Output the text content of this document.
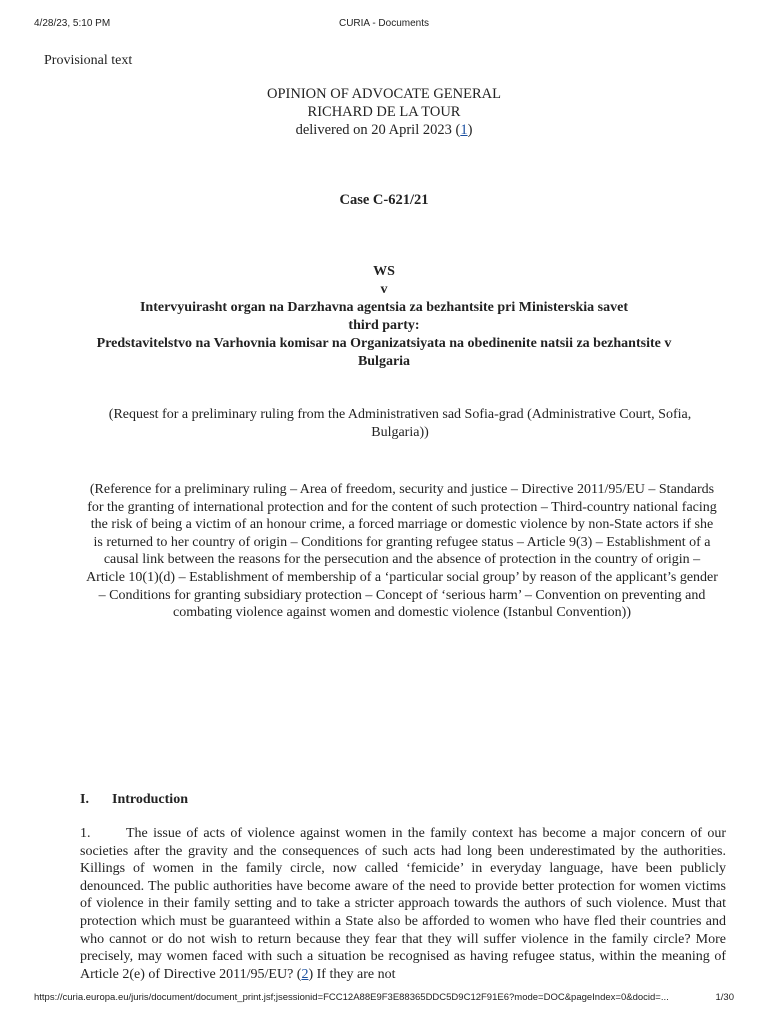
4/28/23, 5:10 PM	CURIA - Documents
Provisional text
OPINION OF ADVOCATE GENERAL
RICHARD DE LA TOUR
delivered on 20 April 2023 (1)
Case C-621/21
WS
v
Intervyuirasht organ na Darzhavna agentsia za bezhantsite pri Ministerskia savet
third party:
Predstavitelstvo na Varhovnia komisar na Organizatsiyata na obedinenite natsii za bezhantsite v Bulgaria
(Request for a preliminary ruling from the Administrativen sad Sofia-grad (Administrative Court, Sofia, Bulgaria))
(Reference for a preliminary ruling – Area of freedom, security and justice – Directive 2011/95/EU – Standards for the granting of international protection and for the content of such protection – Third-country national facing the risk of being a victim of an honour crime, a forced marriage or domestic violence by non-State actors if she is returned to her country of origin – Conditions for granting refugee status – Article 9(3) – Establishment of a causal link between the reasons for the persecution and the absence of protection in the country of origin – Article 10(1)(d) – Establishment of membership of a ‘particular social group’ by reason of the applicant’s gender – Conditions for granting subsidiary protection – Concept of ‘serious harm’ – Convention on preventing and combating violence against women and domestic violence (Istanbul Convention))
I. Introduction
1.	The issue of acts of violence against women in the family context has become a major concern of our societies after the gravity and the consequences of such acts had long been underestimated by the authorities. Killings of women in the family circle, now called ‘femicide’ in everyday language, have been publicly denounced. The public authorities have become aware of the need to provide better protection for women victims of violence in their family setting and to take a stricter approach towards the authors of such violence. Must that protection which must be guaranteed within a State also be afforded to women who have fled their countries and who cannot or do not wish to return because they fear that they will suffer violence in the family circle? More precisely, may women faced with such a situation be recognised as having refugee status, within the meaning of Article 2(e) of Directive 2011/95/EU? (2) If they are not
https://curia.europa.eu/juris/document/document_print.jsf;jsessionid=FCC12A88E9F3E88365DDC5D9C12F91E6?mode=DOC&pageIndex=0&docid=...	1/30
